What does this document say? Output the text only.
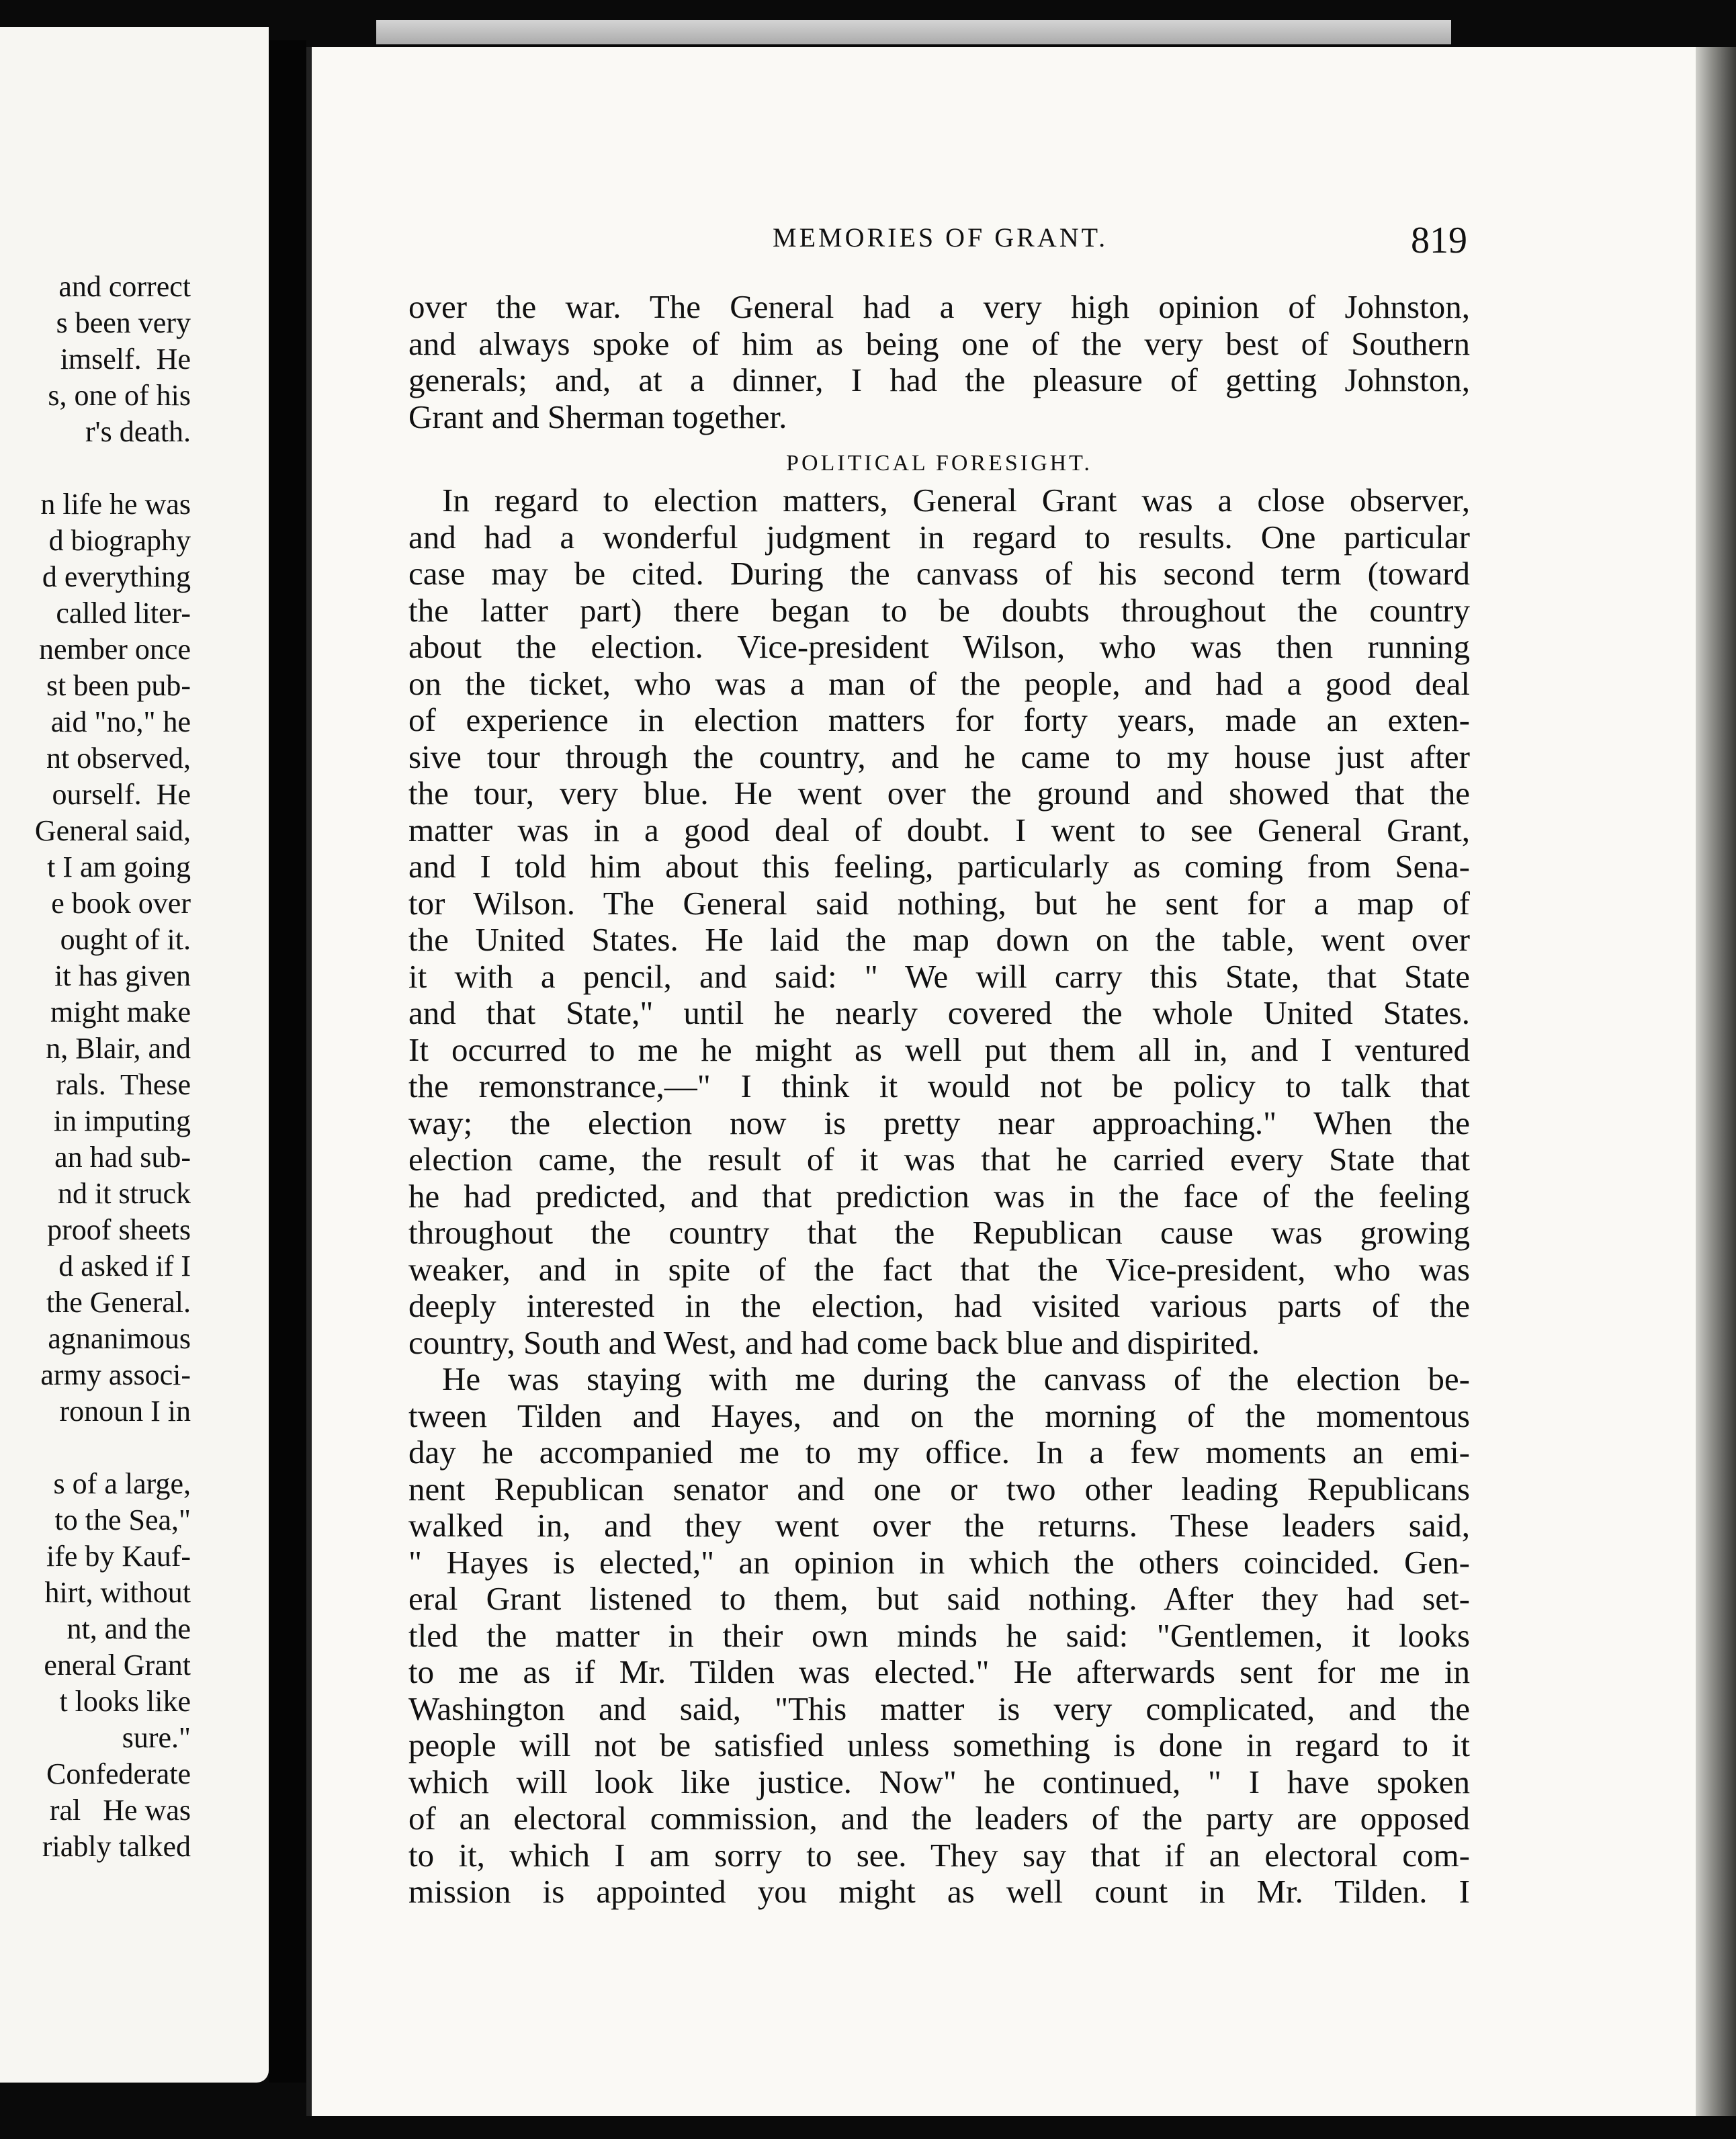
and correct
s been very
imself.  He
s, one of his
r's death.
n life he was
d biography
d everything
called liter-
nember once
st been pub-
aid "no," he
nt observed,
ourself.  He
General said,
t I am going
e book over
ought of it.
it has given
might make
n, Blair, and
rals.  These
in imputing
an had sub-
nd it struck
proof sheets
d asked if I
the General.
agnanimous
army associ-
ronoun I in
s of a large,
to the Sea,"
ife by Kauf-
hirt, without
nt, and the
eneral Grant
t looks like
sure."
Confederate
ral   He was
riably talked
MEMORIES OF GRANT.	819
over the war. The General had a very high opinion of Johnston,
and always spoke of him as being one of the very best of Southern
generals; and, at a dinner, I had the pleasure of getting Johnston,
Grant and Sherman together.
POLITICAL FORESIGHT.
In regard to election matters, General Grant was a close observer,
and had a wonderful judgment in regard to results. One particular
case may be cited. During the canvass of his second term (toward
the latter part) there began to be doubts throughout the country
about the election. Vice-president Wilson, who was then running
on the ticket, who was a man of the people, and had a good deal
of experience in election matters for forty years, made an exten-
sive tour through the country, and he came to my house just after
the tour, very blue. He went over the ground and showed that the
matter was in a good deal of doubt. I went to see General Grant,
and I told him about this feeling, particularly as coming from Sena-
tor Wilson. The General said nothing, but he sent for a map of
the United States. He laid the map down on the table, went over
it with a pencil, and said: " We will carry this State, that State
and that State," until he nearly covered the whole United States.
It occurred to me he might as well put them all in, and I ventured
the remonstrance,—" I think it would not be policy to talk that
way; the election now is pretty near approaching." When the
election came, the result of it was that he carried every State that
he had predicted, and that prediction was in the face of the feeling
throughout the country that the Republican cause was growing
weaker, and in spite of the fact that the Vice-president, who was
deeply interested in the election, had visited various parts of the
country, South and West, and had come back blue and dispirited.
He was staying with me during the canvass of the election be-
tween Tilden and Hayes, and on the morning of the momentous
day he accompanied me to my office. In a few moments an emi-
nent Republican senator and one or two other leading Republicans
walked in, and they went over the returns. These leaders said,
" Hayes is elected," an opinion in which the others coincided. Gen-
eral Grant listened to them, but said nothing. After they had set-
tled the matter in their own minds he said: "Gentlemen, it looks
to me as if Mr. Tilden was elected." He afterwards sent for me in
Washington and said, "This matter is very complicated, and the
people will not be satisfied unless something is done in regard to it
which will look like justice. Now" he continued, " I have spoken
of an electoral commission, and the leaders of the party are opposed
to it, which I am sorry to see. They say that if an electoral com-
mission is appointed you might as well count in Mr. Tilden. I
